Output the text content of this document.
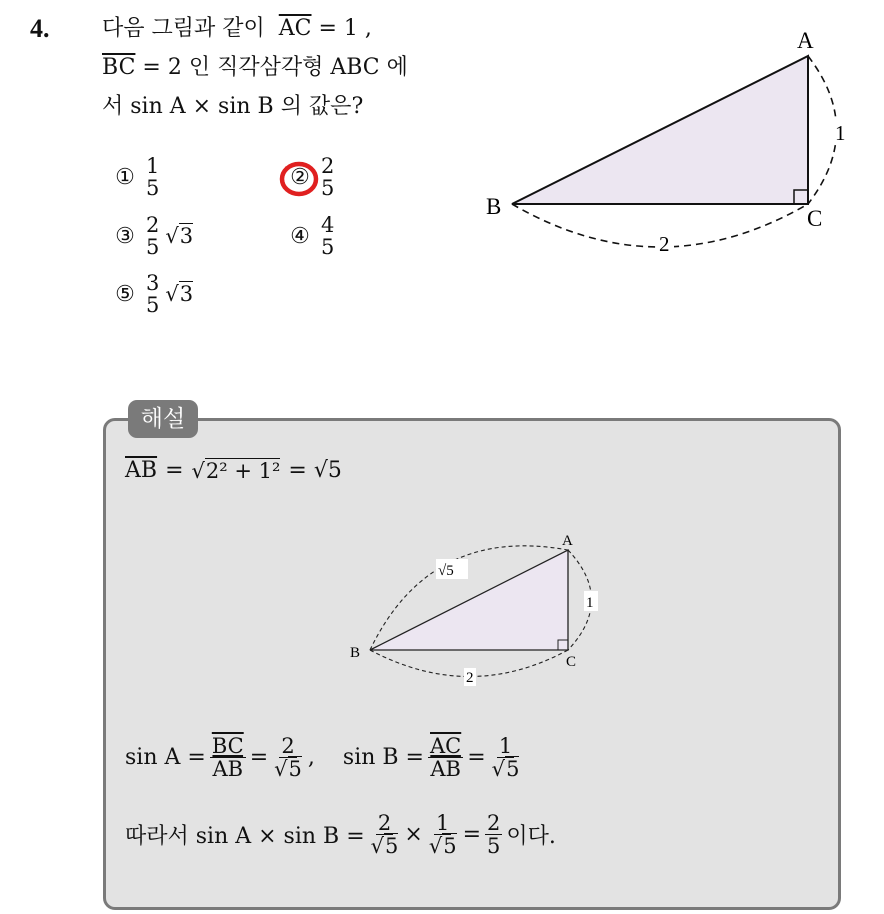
4. 다음 그림과 같이 $\overline{AC} = 1$ ,
$\overline{BC} = 2$ 인 직각삼각형 ABC 에
서 sin A × sin B 의 값은?
① 1
5	② 2
5
③ 2
5 √3	④ 4
5
⑤ 3
5 √3
A
B	C
1
2
해설
$\overline{AB} = √2^2 + 1^2 = √5$
A
B
C
√5
1
2
$\sin A = \frac{\overline{BC}}{AB} = \frac{2}{√5}$ , $\sin B = \frac{\overline{AC}}{AB} = \frac{1}{√5}$
따라서 $\sin A \times \sin B = \frac{2}{√5} \times \frac{1}{√5} = \frac{2}{5}$ 이다.
